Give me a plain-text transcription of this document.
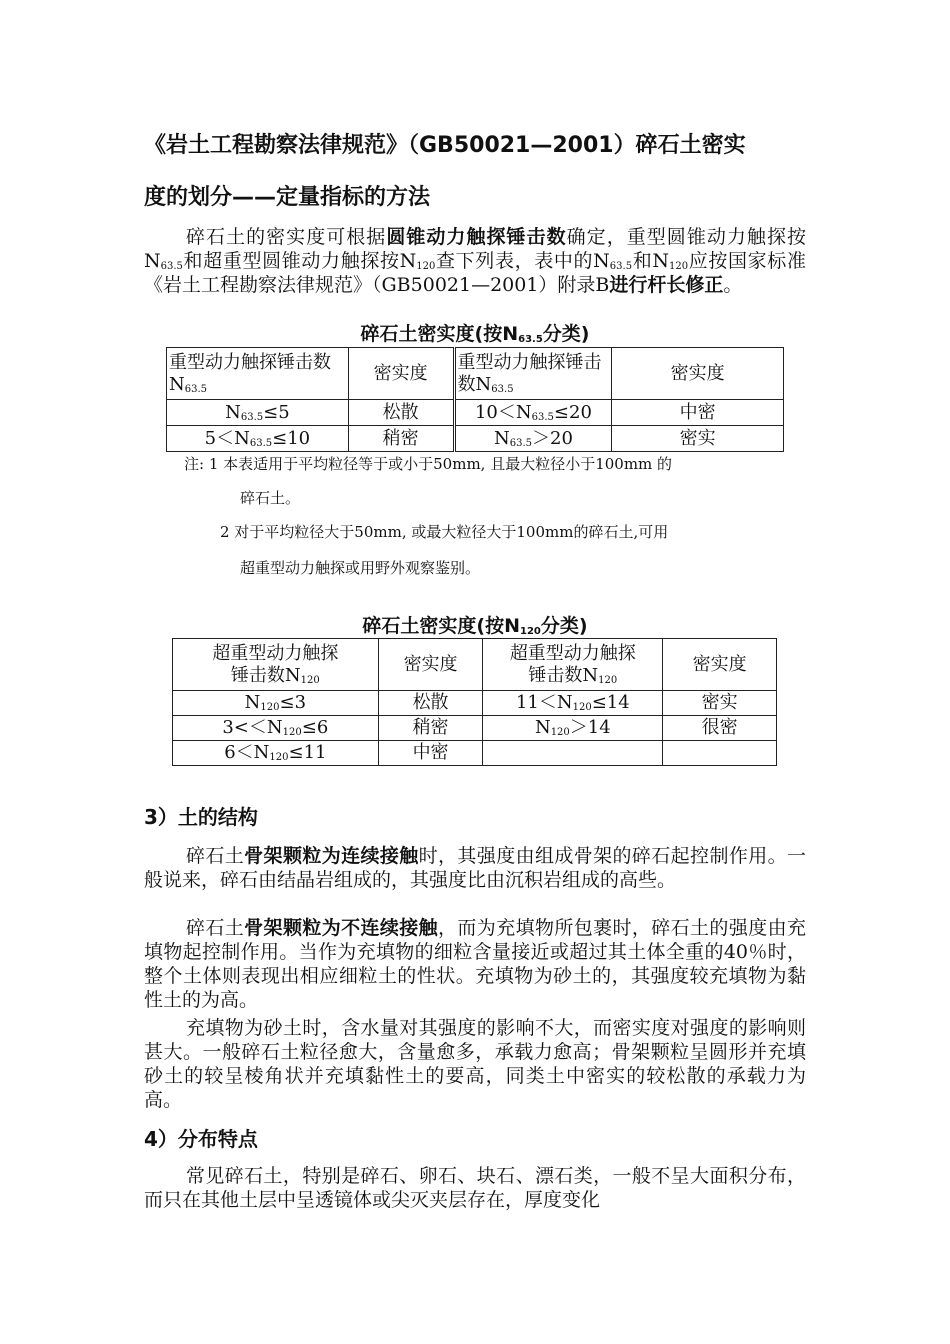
《岩土工程勘察法律规范》（GB50021—2001）碎石土密实
度的划分——定量指标的方法
碎石土的密实度可根据圆锥动力触探锤击数确定，重型圆锥动力触探按$N_{63.5}$和超重型圆锥动力触探按$N_{120}$查下列表，表中的$N_{63.5}$和$N_{120}$应按国家标准《岩土工程勘察法律规范》（GB50021—2001）附录B进行杆长修正。
碎石土密实度(按$N_{63.5}$分类)
重型动力触探锤击数$N_{63.5}$	密实度	重型动力触探锤击数$N_{63.5}$	密实度
$N_{63.5}\le 5$	松散	$10<N_{63.5}\le 20$	中密
$5<N_{63.5}\le 10$	稍密	$N_{63.5}>20$	密实
注: 1 本表适用于平均粒径等于或小于50mm, 且最大粒径小于100mm 的
碎石土。
2 对于平均粒径大于50mm, 或最大粒径大于100mm的碎石土,可用
超重型动力触探或用野外观察鉴别。
碎石土密实度(按$N_{120}$分类)
超重型动力触探
锤击数$N_{120}$	密实度	超重型动力触探
锤击数$N_{120}$	密实度
$N_{120}\le 3$	松散	$11<N_{120}\le 14$	密实
$3<<N_{120}\le 6$	稍密	$N_{120}>14$	很密
$6<N_{120}\le 11$	中密		
3）土的结构
碎石土骨架颗粒为连续接触时，其强度由组成骨架的碎石起控制作用。一般说来，碎石由结晶岩组成的，其强度比由沉积岩组成的高些。
碎石土骨架颗粒为不连续接触，而为充填物所包裹时，碎石土的强度由充填物起控制作用。当作为充填物的细粒含量接近或超过其土体全重的40％时，整个土体则表现出相应细粒土的性状。充填物为砂土的，其强度较充填物为黏性土的为高。
充填物为砂土时，含水量对其强度的影响不大，而密实度对强度的影响则甚大。一般碎石土粒径愈大，含量愈多，承载力愈高；骨架颗粒呈圆形并充填砂土的较呈棱角状并充填黏性土的要高，同类土中密实的较松散的承载力为高。
4）分布特点
常见碎石土，特别是碎石、卵石、块石、漂石类，一般不呈大面积分布，而只在其他土层中呈透镜体或尖灭夹层存在，厚度变化
